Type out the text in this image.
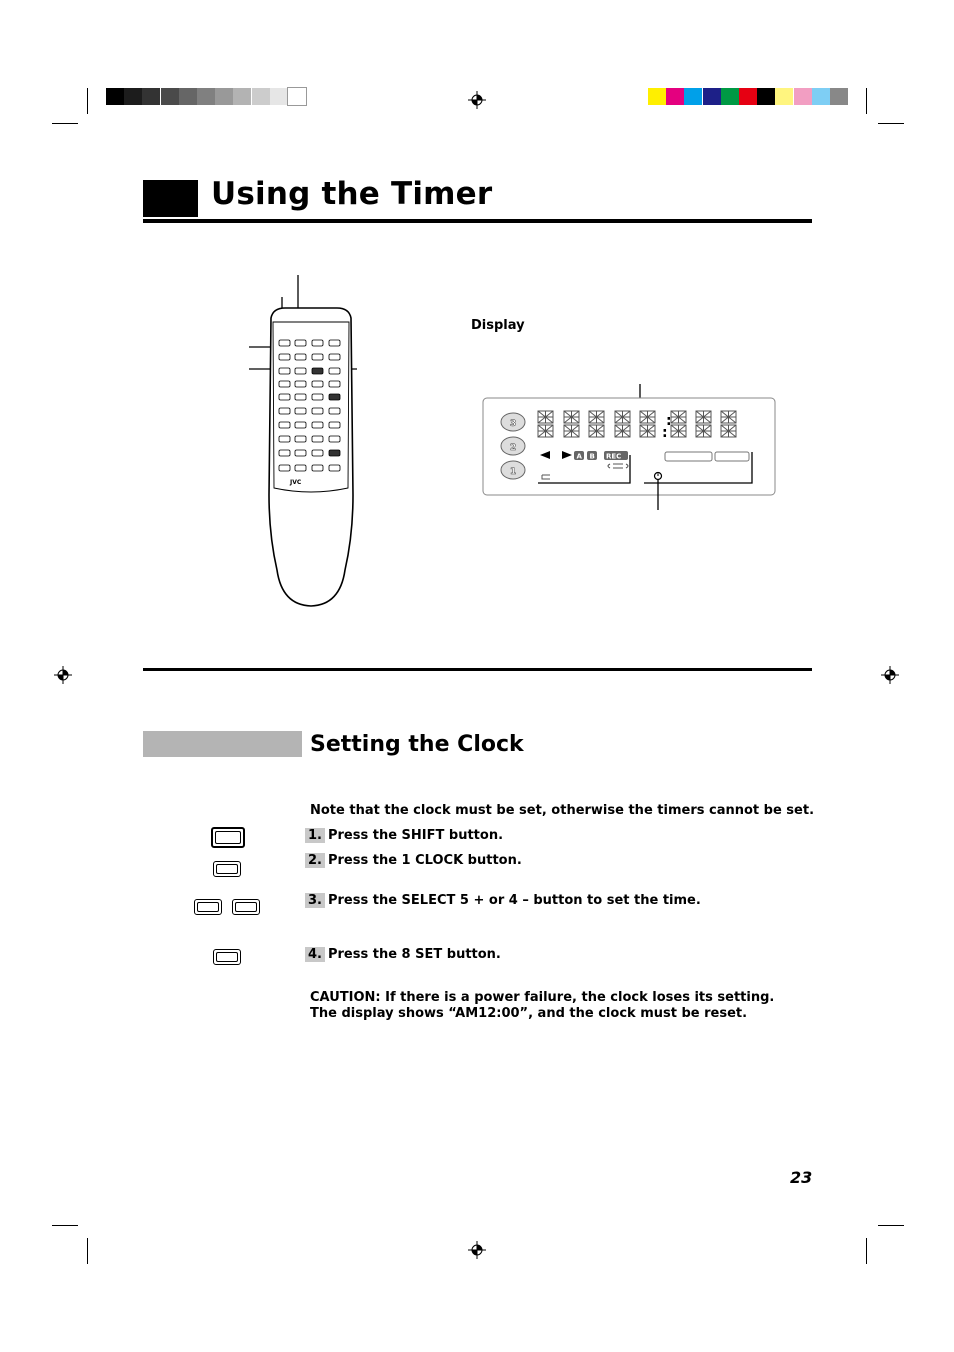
Using the Timer
JVC
Display
3
2
1
:
:
A B REC
Setting the Clock
Note that the clock must be set, otherwise the timers cannot be set.
1. Press the SHIFT button.
2. Press the 1 CLOCK button.
3. Press the SELECT 5 + or 4 – button to set the time.
4. Press the 8 SET button.
CAUTION: If there is a power failure, the clock loses its setting. The display shows “AM12:00”, and the clock must be reset.
23
